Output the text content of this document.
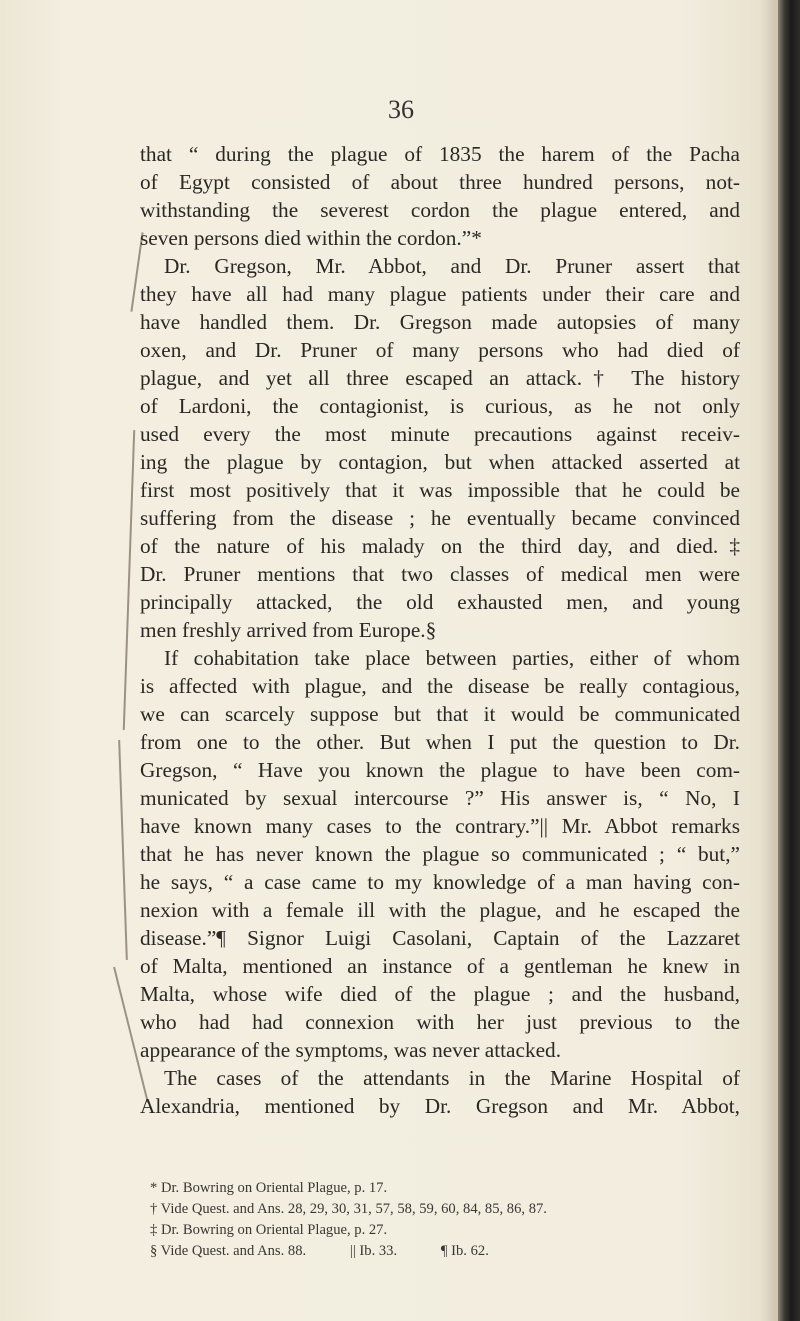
36
that “ during the plague of 1835 the harem of the Pacha
of Egypt consisted of about three hundred persons, not-
withstanding the severest cordon the plague entered, and
seven persons died within the cordon.”*
Dr. Gregson, Mr. Abbot, and Dr. Pruner assert that
they have all had many plague patients under their care and
have handled them. Dr. Gregson made autopsies of many
oxen, and Dr. Pruner of many persons who had died of
plague, and yet all three escaped an attack.† The history
of Lardoni, the contagionist, is curious, as he not only
used every the most minute precautions against receiv-
ing the plague by contagion, but when attacked asserted at
first most positively that it was impossible that he could be
suffering from the disease ; he eventually became convinced
of the nature of his malady on the third day, and died.‡
Dr. Pruner mentions that two classes of medical men were
principally attacked, the old exhausted men, and young
men freshly arrived from Europe.§
If cohabitation take place between parties, either of whom
is affected with plague, and the disease be really contagious,
we can scarcely suppose but that it would be communicated
from one to the other. But when I put the question to Dr.
Gregson, “ Have you known the plague to have been com-
municated by sexual intercourse ?” His answer is, “ No, I
have known many cases to the contrary.”|| Mr. Abbot remarks
that he has never known the plague so communicated ; “ but,”
he says, “ a case came to my knowledge of a man having con-
nexion with a female ill with the plague, and he escaped the
disease.”¶ Signor Luigi Casolani, Captain of the Lazzaret
of Malta, mentioned an instance of a gentleman he knew in
Malta, whose wife died of the plague ; and the husband,
who had had connexion with her just previous to the
appearance of the symptoms, was never attacked.
The cases of the attendants in the Marine Hospital of
Alexandria, mentioned by Dr. Gregson and Mr. Abbot,
* Dr. Bowring on Oriental Plague, p. 17.
† Vide Quest. and Ans. 28, 29, 30, 31, 57, 58, 59, 60, 84, 85, 86, 87.
‡ Dr. Bowring on Oriental Plague, p. 27.
§ Vide Quest. and Ans. 88.            || Ib. 33.            ¶ Ib. 62.
